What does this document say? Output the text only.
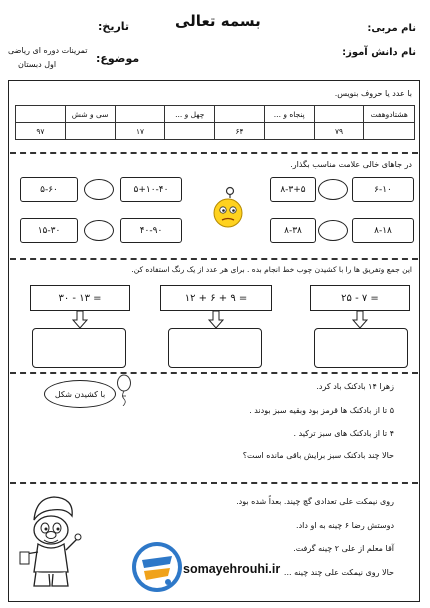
بسمه تعالی	نام مربی:
نام دانش آموز:
تاریخ:
موضوع:
تمرینات دوره ای ریاضی
اول دبستان
با عدد یا حروف بنویس.
هشتادوهفت		پنجاه و ...		چهل و ...		سی و شش	
	۷۹		۶۴		۱۷		۹۷
در جاهای خالی علامت مناسب بگذار.
۶-۱۰
۸-۳+۵
۸-۱۸
۸-۳۸
۵+۱۰-۴۰
۵-۶۰
۴۰-۹۰
۱۵-۳۰
این جمع وتفریق ها را با کشیدن چوب خط انجام بده . برای هر عدد از یک رنگ استفاده کن.
۲۵ - ۷ =
۱۲ + ۶ + ۹ =
۳۰ - ۱۳ =
با کشیدن شکل
زهرا ۱۴ بادکنک باد کرد.
۵ تا از بادکنک ها قرمز بود وبقیه سبز بودند .
۴ تا از بادکنک های سبز ترکید .
حالا چند بادکنک سبز برایش باقی مانده است؟
روی نیمکت علی تعدادی گچ چیند. بعداً شده بود.
دوستش رضا ۶ چینه به او داد.
آقا معلم از علی ۲ چینه گرفت.
حالا روی نیمکت علی چند چینه ...
somayehrouhi.ir
